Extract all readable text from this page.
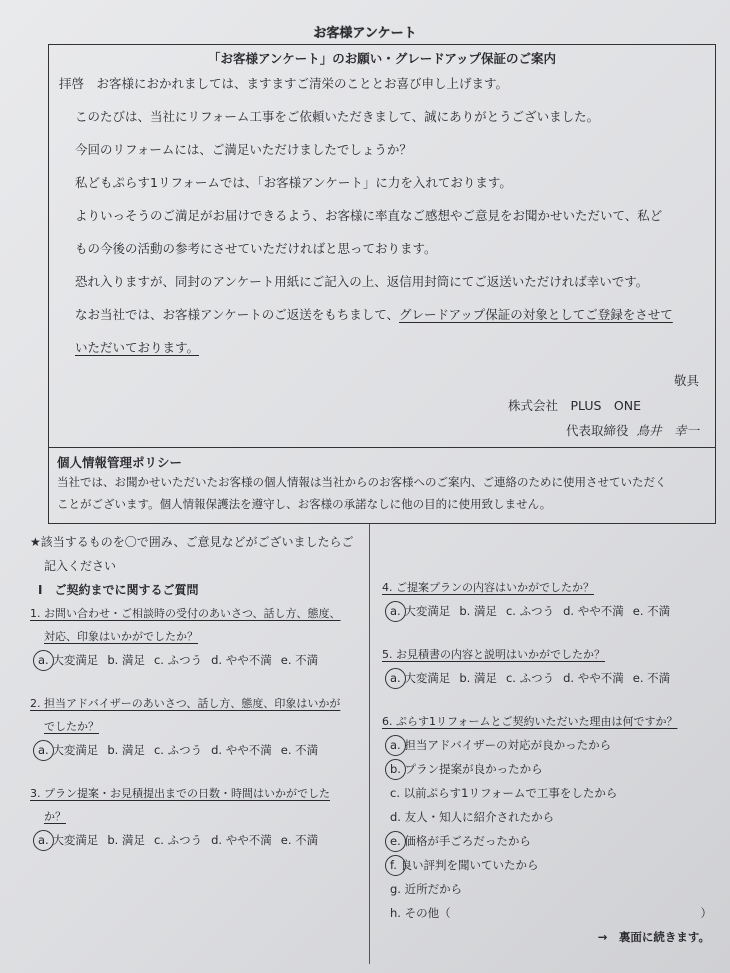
お客様アンケート
「お客様アンケート」のお願い・グレードアップ保証のご案内
拝啓　お客様におかれましては、ますますご清栄のこととお喜び申し上げます。
このたびは、当社にリフォーム工事をご依頼いただきまして、誠にありがとうございました。
今回のリフォームには、ご満足いただけましたでしょうか？
私どもぷらす1リフォームでは、「お客様アンケート」に力を入れております。
よりいっそうのご満足がお届けできるよう、お客様に率直なご感想やご意見をお聞かせいただいて、私ど
もの今後の活動の参考にさせていただければと思っております。
恐れ入りますが、同封のアンケート用紙にご記入の上、返信用封筒にてご返送いただければ幸いです。
なお当社では、お客様アンケートのご返送をもちまして、グレードアップ保証の対象としてご登録をさせて
いただいております。
敬具
株式会社　PLUS　ONE
代表取締役 鳥井　幸一
個人情報管理ポリシー
当社では、お聞かせいただいたお客様の個人情報は当社からのお客様へのご案内、ご連絡のために使用させていただく
ことがございます。個人情報保護法を遵守し、お客様の承諾なしに他の目的に使用致しません。
★該当するものを〇で囲み、ご意見などがございましたらご
記入ください
Ⅰ　ご契約までに関するご質問
1. お問い合わせ・ご相談時の受付のあいさつ、話し方、態度、
対応、印象はいかがでしたか？
a. 大変満足 b. 満足 c. ふつう d. やや不満 e. 不満
2. 担当アドバイザーのあいさつ、話し方、態度、印象はいかが
でしたか？
a. 大変満足 b. 満足 c. ふつう d. やや不満 e. 不満
3. プラン提案・お見積提出までの日数・時間はいかがでした
か？
a. 大変満足 b. 満足 c. ふつう d. やや不満 e. 不満
4. ご提案プランの内容はいかがでしたか？
a. 大変満足 b. 満足 c. ふつう d. やや不満 e. 不満
5. お見積書の内容と説明はいかがでしたか？
a. 大変満足 b. 満足 c. ふつう d. やや不満 e. 不満
6. ぷらす1リフォームとご契約いただいた理由は何ですか？
a. 担当アドバイザーの対応が良かったから
b. プラン提案が良かったから
c. 以前ぷらす1リフォームで工事をしたから
d. 友人・知人に紹介されたから
e. 価格が手ごろだったから
f. 良い評判を聞いていたから
g. 近所だから
h. その他（	）
→　裏面に続きます。
